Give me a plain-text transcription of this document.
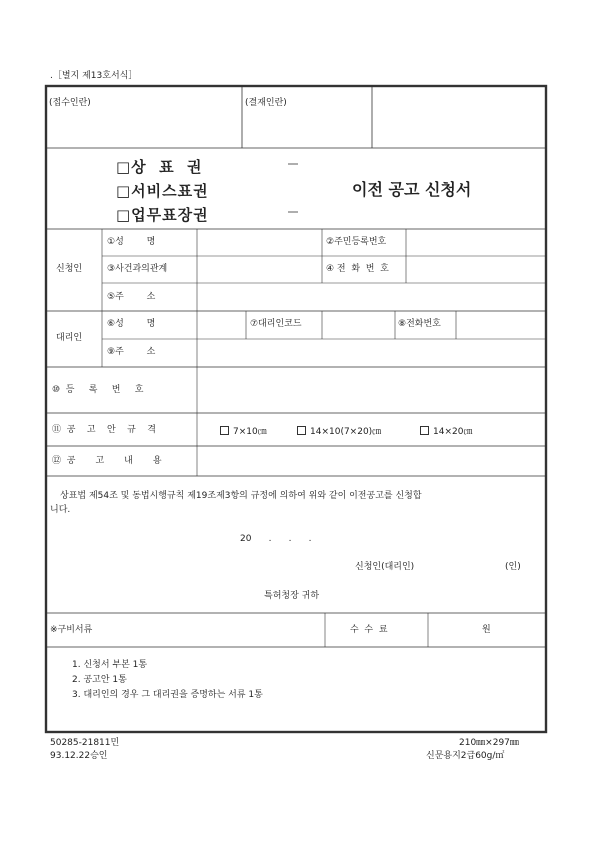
.［별지 제13호서식］
(접수인란)	(결재인란)
□상  표  권
□서비스표권
□업무표장권
이전 공고 신청서
신청인
①성        명	②주민등록번호
③사건과의관계	④ 전  화  번  호
⑤주        소
대리인
⑥성        명	⑦대리인코드	⑧전화번호
⑨주        소
⑩  등     록     번     호
⑪  공    고    안    규    격	7×10㎝	14×10(7×20)㎝	14×20㎝
⑫  공       고       내       용
상표법 제54조 및 동법시행규칙 제19조제3항의 규정에 의하여 위와 같이 이전공고를 신청합
니다.
20      .      .      .
신청인(대리인)	(인)
특허청장 귀하
※구비서류	수  수  료	원
1. 신청서 부본 1통
2. 공고안 1통
3. 대리인의 경우 그 대리권을 증명하는 서류 1통
50285-21811민
93.12.22승인
210㎜×297㎜
신문용지2급60g/㎡
